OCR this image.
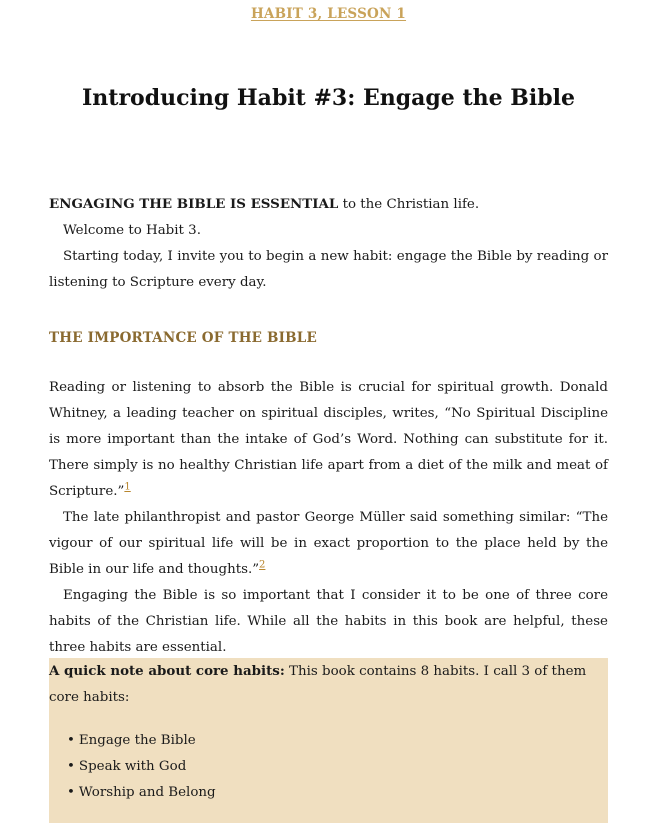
HABIT 3, LESSON 1
Introducing Habit #3: Engage the Bible

ENGAGING THE BIBLE IS ESSENTIAL to the Christian life.

Welcome to Habit 3.

Starting today, I invite you to begin a new habit: engage the Bible by reading or listening to Scripture every day.

THE IMPORTANCE OF THE BIBLE

Reading or listening to absorb the Bible is crucial for spiritual growth. Donald Whitney, a leading teacher on spiritual disciples, writes, “No Spiritual Discipline is more important than the intake of God’s Word. Nothing can substitute for it. There simply is no healthy Christian life apart from a diet of the milk and meat of Scripture.”$^1$

The late philanthropist and pastor George Müller said something similar: “The vigour of our spiritual life will be in exact proportion to the place held by the Bible in our life and thoughts.”$^2$

Engaging the Bible is so important that I consider it to be one of three core habits of the Christian life. While all the habits in this book are helpful, these three habits are essential.

A quick note about core habits: This book contains 8 habits. I call 3 of them core habits:

• Engage the Bible
• Speak with God
• Worship and Belong
